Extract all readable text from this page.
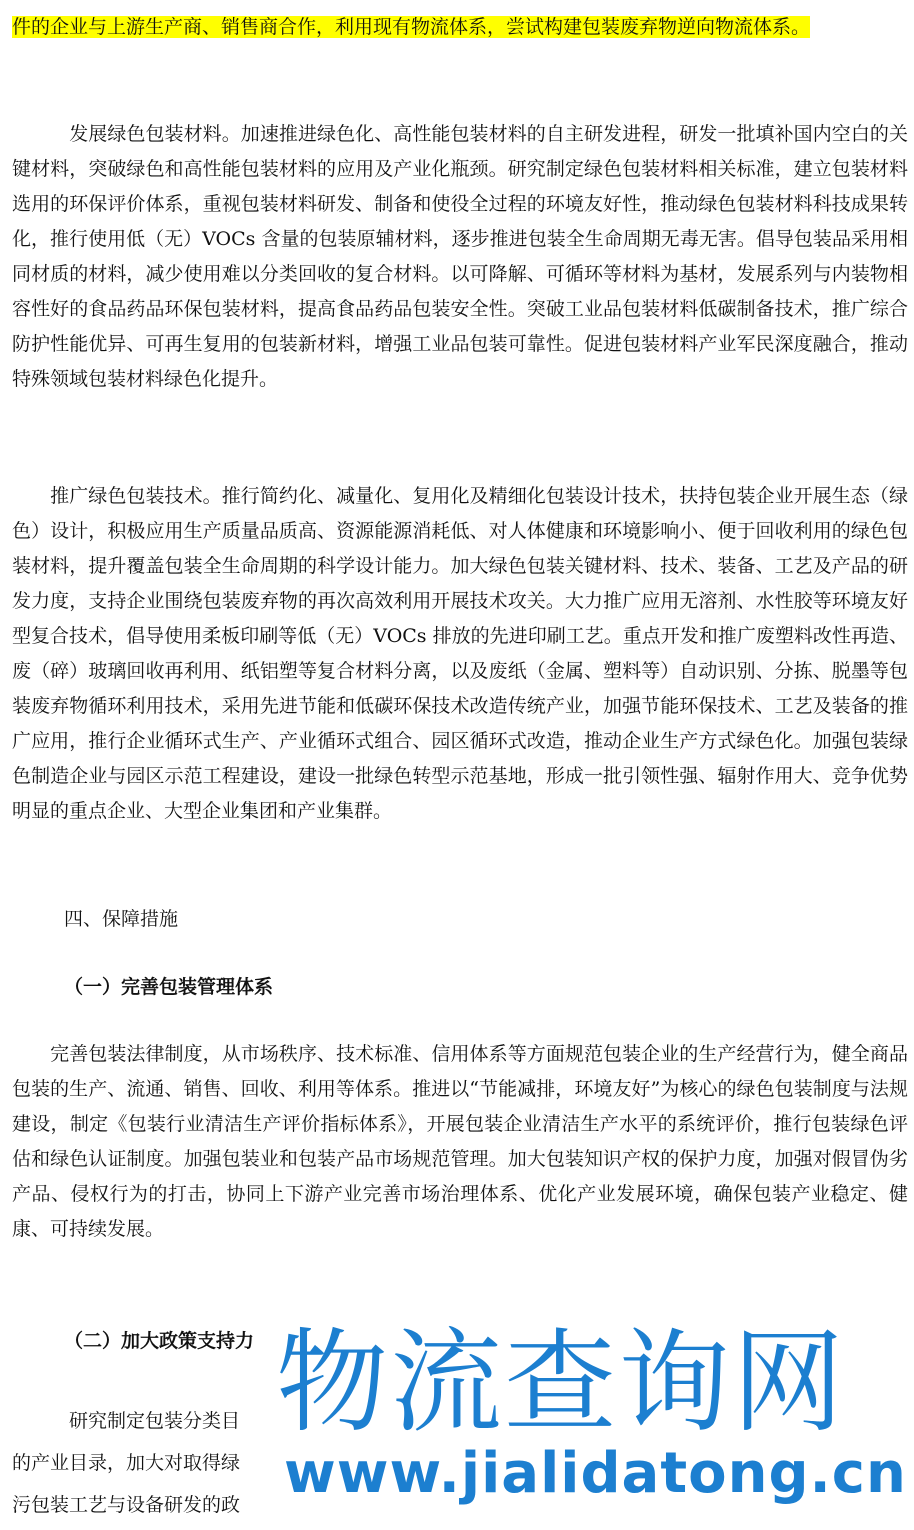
件的企业与上游生产商、销售商合作，利用现有物流体系，尝试构建包装废弃物逆向物流体系。

　　　发展绿色包装材料。加速推进绿色化、高性能包装材料的自主研发进程，研发一批填补国内空白的关键材料，突破绿色和高性能包装材料的应用及产业化瓶颈。研究制定绿色包装材料相关标准，建立包装材料选用的环保评价体系，重视包装材料研发、制备和使役全过程的环境友好性，推动绿色包装材料科技成果转化，推行使用低（无）VOCs 含量的包装原辅材料，逐步推进包装全生命周期无毒无害。倡导包装品采用相同材质的材料，减少使用难以分类回收的复合材料。以可降解、可循环等材料为基材，发展系列与内装物相容性好的食品药品环保包装材料，提高食品药品包装安全性。突破工业品包装材料低碳制备技术，推广综合防护性能优异、可再生复用的包装新材料，增强工业品包装可靠性。促进包装材料产业军民深度融合，推动特殊领域包装材料绿色化提升。

　　推广绿色包装技术。推行简约化、减量化、复用化及精细化包装设计技术，扶持包装企业开展生态（绿色）设计，积极应用生产质量品质高、资源能源消耗低、对人体健康和环境影响小、便于回收利用的绿色包装材料，提升覆盖包装全生命周期的科学设计能力。加大绿色包装关键材料、技术、装备、工艺及产品的研发力度，支持企业围绕包装废弃物的再次高效利用开展技术攻关。大力推广应用无溶剂、水性胶等环境友好型复合技术，倡导使用柔板印刷等低（无）VOCs 排放的先进印刷工艺。重点开发和推广废塑料改性再造、废（碎）玻璃回收再利用、纸铝塑等复合材料分离，以及废纸（金属、塑料等）自动识别、分拣、脱墨等包装废弃物循环利用技术，采用先进节能和低碳环保技术改造传统产业，加强节能环保技术、工艺及装备的推广应用，推行企业循环式生产、产业循环式组合、园区循环式改造，推动企业生产方式绿色化。加强包装绿色制造企业与园区示范工程建设，建设一批绿色转型示范基地，形成一批引领性强、辐射作用大、竞争优势明显的重点企业、大型企业集团和产业集群。

四、保障措施

（一）完善包装管理体系

　　完善包装法律制度，从市场秩序、技术标准、信用体系等方面规范包装企业的生产经营行为，健全商品包装的生产、流通、销售、回收、利用等体系。推进以“节能减排，环境友好”为核心的绿色包装制度与法规建设，制定《包装行业清洁生产评价指标体系》，开展包装企业清洁生产水平的系统评价，推行包装绿色评估和绿色认证制度。加强包装业和包装产品市场规范管理。加大包装知识产权的保护力度，加强对假冒伪劣产品、侵权行为的打击，协同上下游产业完善市场治理体系、优化产业发展环境，确保包装产业稳定、健康、可持续发展。

（二）加大政策支持力

　　　研究制定包装分类目

的产业目录，加大对取得绿

污包装工艺与设备研发的政

物流查询网
www.jialidatong.cn
